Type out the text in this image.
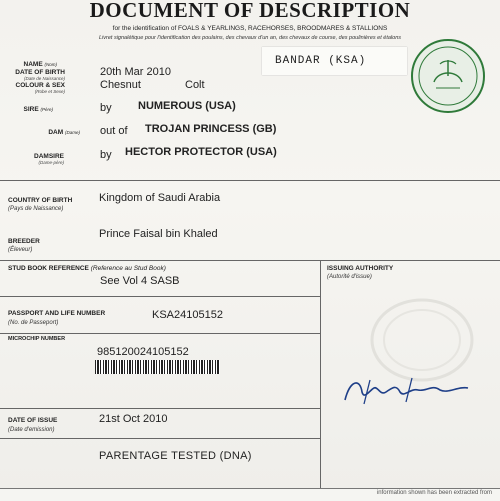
DOCUMENT OF DESCRIPTION
for the identification of FOALS & YEARLINGS, RACEHORSES, BROODMARES & STALLIONS
Livret signalétique pour l'identification des poulains, des chevaux d'un an, des chevaux de course, des poulinières et étalons
NAME (Nom)	BANDAR (KSA)
DATE OF BIRTH
(Date de Naissance)
20th Mar 2010
COLOUR & SEX
(Robe et Sexe)
Chesnut	Colt
SIRE (Père)	by NUMEROUS (USA)
DAM (Dame) out of TROJAN PRINCESS (GB)
DAMSIRE
(Dame-père)
by HECTOR PROTECTOR (USA)
COUNTRY OF BIRTH
(Pays de Naissance)
Kingdom of Saudi Arabia
BREEDER
(Éleveur)
Prince Faisal bin Khaled
STUD BOOK REFERENCE (Reference au Stud Book)
See Vol 4 SASB
ISSUING AUTHORITY
(Autorité d'issue)
PASSPORT AND LIFE NUMBER
(No. de Passeport)
KSA24105152
MICROCHIP NUMBER
985120024105152
DATE OF ISSUE
(Date d'emission)
21st Oct 2010
PARENTAGE TESTED (DNA)
information shown has been extracted from
